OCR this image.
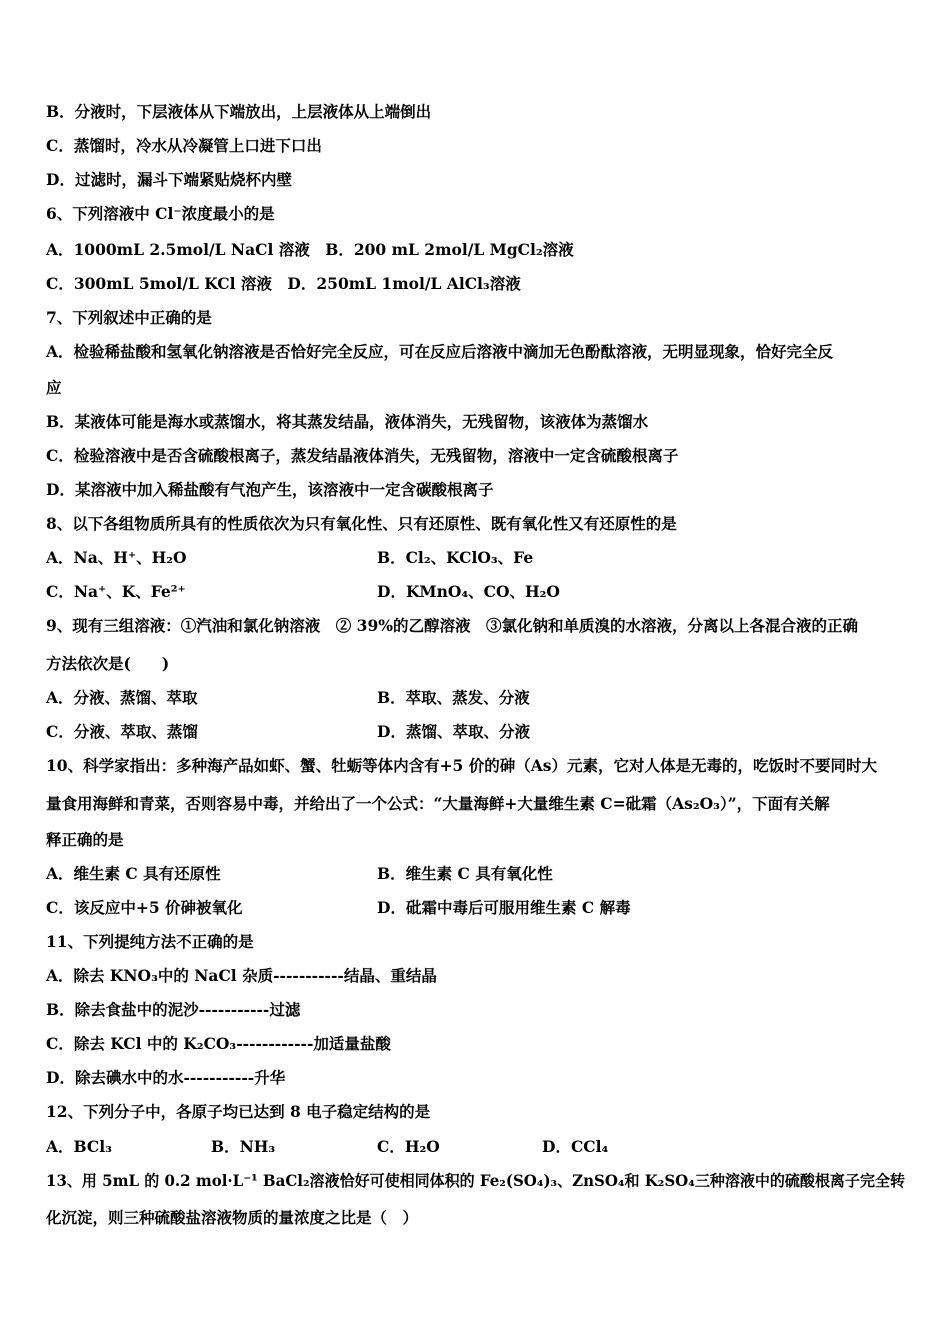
B．分液时，下层液体从下端放出，上层液体从上端倒出
C．蒸馏时，冷水从冷凝管上口进下口出
D．过滤时，漏斗下端紧贴烧杯内壁
6、下列溶液中 Cl⁻浓度最小的是
A．1000mL 2.5mol/L NaCl 溶液　B．200 mL 2mol/L MgCl₂溶液
C．300mL 5mol/L KCl 溶液　D．250mL 1mol/L AlCl₃溶液
7、下列叙述中正确的是
A．检验稀盐酸和氢氧化钠溶液是否恰好完全反应，可在反应后溶液中滴加无色酚酞溶液，无明显现象，恰好完全反
应
B．某液体可能是海水或蒸馏水，将其蒸发结晶，液体消失，无残留物，该液体为蒸馏水
C．检验溶液中是否含硫酸根离子，蒸发结晶液体消失，无残留物，溶液中一定含硫酸根离子
D．某溶液中加入稀盐酸有气泡产生，该溶液中一定含碳酸根离子
8、以下各组物质所具有的性质依次为只有氧化性、只有还原性、既有氧化性又有还原性的是
A．Na、H⁺、H₂O	B．Cl₂、KClO₃、Fe
C．Na⁺、K、Fe²⁺	D．KMnO₄、CO、H₂O
9、现有三组溶液：①汽油和氯化钠溶液　② 39%的乙醇溶液　③氯化钠和单质溴的水溶液，分离以上各混合液的正确
方法依次是(　　)
A．分液、蒸馏、萃取	B．萃取、蒸发、分液
C．分液、萃取、蒸馏	D．蒸馏、萃取、分液
10、科学家指出：多种海产品如虾、蟹、牡蛎等体内含有+5 价的砷（As）元素，它对人体是无毒的，吃饭时不要同时大
量食用海鲜和青菜，否则容易中毒，并给出了一个公式：“大量海鲜+大量维生素 C=砒霜（As₂O₃）”，下面有关解
释正确的是
A．维生素 C 具有还原性	B．维生素 C 具有氧化性
C．该反应中+5 价砷被氧化	D．砒霜中毒后可服用维生素 C 解毒
11、下列提纯方法不正确的是
A．除去 KNO₃中的 NaCl 杂质-----------结晶、重结晶
B．除去食盐中的泥沙-----------过滤
C．除去 KCl 中的 K₂CO₃------------加适量盐酸
D．除去碘水中的水-----------升华
12、下列分子中，各原子均已达到 8 电子稳定结构的是
A．BCl₃	B．NH₃	C．H₂O	D．CCl₄
13、用 5mL 的 0.2 mol·L⁻¹ BaCl₂溶液恰好可使相同体积的 Fe₂(SO₄)₃、ZnSO₄和 K₂SO₄三种溶液中的硫酸根离子完全转
化沉淀，则三种硫酸盐溶液物质的量浓度之比是（　）
